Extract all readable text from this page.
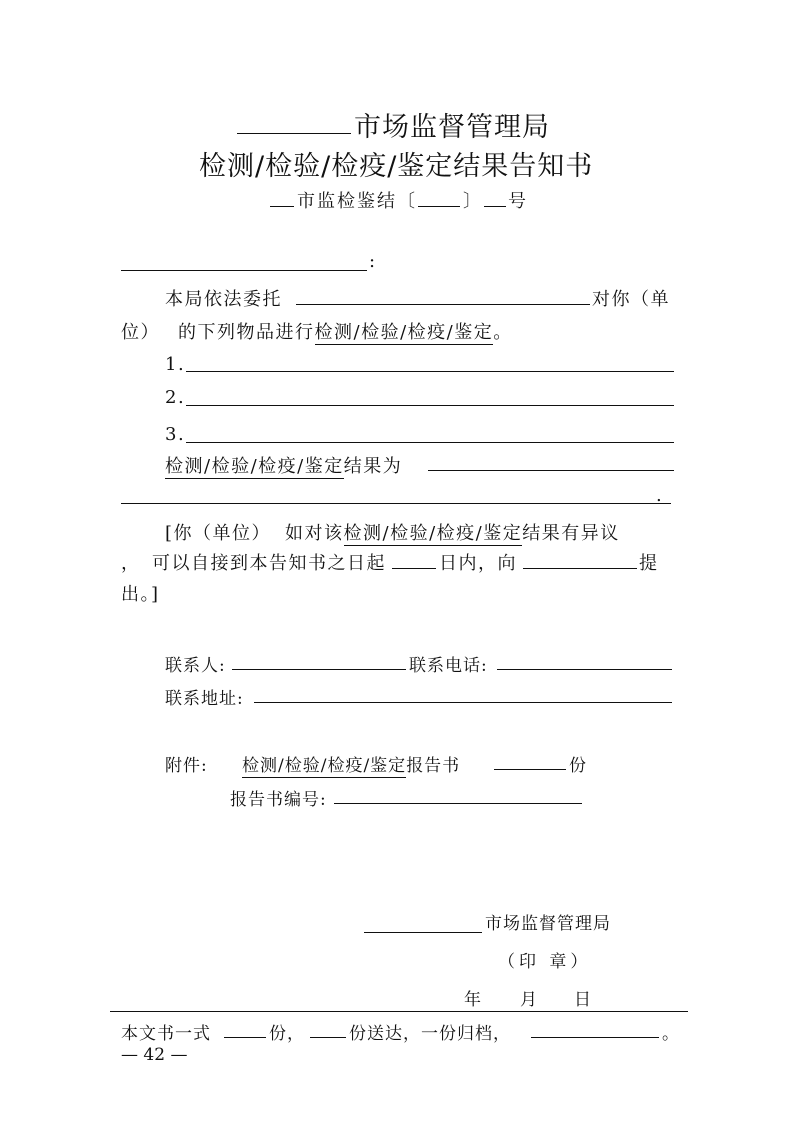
市场监督管理局
检测/检验/检疫/鉴定结果告知书
市监检鉴结〔	〕 号
:
本局依法委托	对你（单
位） 的下列物品进行检测/检验/检疫/鉴定。
1.
2.
3.
检测/检验/检疫/鉴定结果为
.
[你（单位） 如对该检测/检验/检疫/鉴定结果有异议
， 可以自接到本告知书之日起	日内，向	提
出。]
联系人:	联系电话:
联系地址:
附件: 检测/检验/检疫/鉴定报告书	份
报告书编号:
市场监督管理局
（印 章）
年 月 日
本文书一式	份，	份送达，一份归档，	。
— 42 —
